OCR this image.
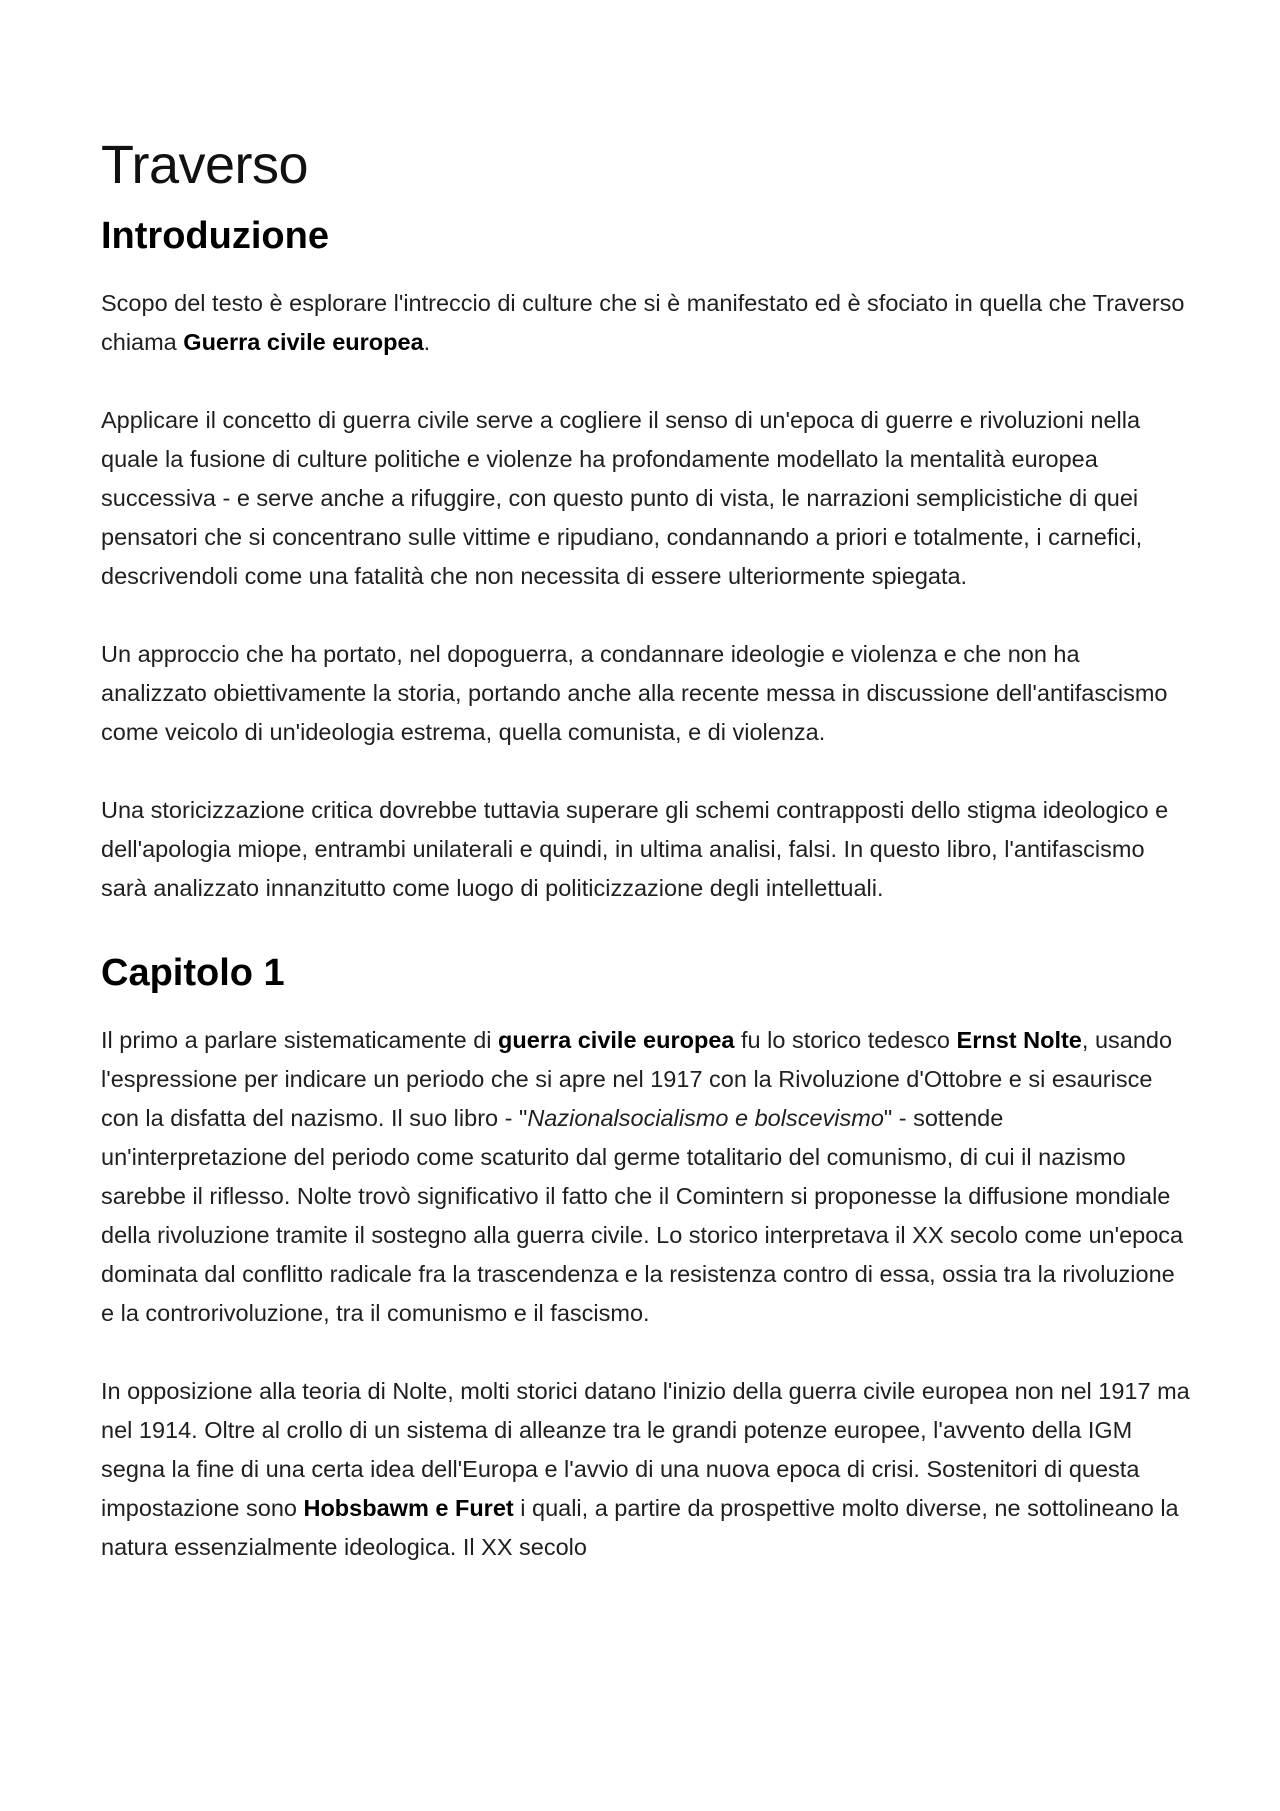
Traverso
Introduzione

Scopo del testo è esplorare l'intreccio di culture che si è manifestato ed è sfociato in quella che Traverso chiama Guerra civile europea.

Applicare il concetto di guerra civile serve a cogliere il senso di un'epoca di guerre e rivoluzioni nella quale la fusione di culture politiche e violenze ha profondamente modellato la mentalità europea successiva - e serve anche a rifuggire, con questo punto di vista, le narrazioni semplicistiche di quei pensatori che si concentrano sulle vittime e ripudiano, condannando a priori e totalmente, i carnefici, descrivendoli come una fatalità che non necessita di essere ulteriormente spiegata.

Un approccio che ha portato, nel dopoguerra, a condannare ideologie e violenza e che non ha analizzato obiettivamente la storia, portando anche alla recente messa in discussione dell'antifascismo come veicolo di un'ideologia estrema, quella comunista, e di violenza.

Una storicizzazione critica dovrebbe tuttavia superare gli schemi contrapposti dello stigma ideologico e dell'apologia miope, entrambi unilaterali e quindi, in ultima analisi, falsi. In questo libro, l'antifascismo sarà analizzato innanzitutto come luogo di politicizzazione degli intellettuali.

Capitolo 1

Il primo a parlare sistematicamente di guerra civile europea fu lo storico tedesco Ernst Nolte, usando l'espressione per indicare un periodo che si apre nel 1917 con la Rivoluzione d'Ottobre e si esaurisce con la disfatta del nazismo. Il suo libro - "Nazionalsocialismo e bolscevismo" - sottende un'interpretazione del periodo come scaturito dal germe totalitario del comunismo, di cui il nazismo sarebbe il riflesso. Nolte trovò significativo il fatto che il Comintern si proponesse la diffusione mondiale della rivoluzione tramite il sostegno alla guerra civile. Lo storico interpretava il XX secolo come un'epoca dominata dal conflitto radicale fra la trascendenza e la resistenza contro di essa, ossia tra la rivoluzione e la controrivoluzione, tra il comunismo e il fascismo.

In opposizione alla teoria di Nolte, molti storici datano l'inizio della guerra civile europea non nel 1917 ma nel 1914. Oltre al crollo di un sistema di alleanze tra le grandi potenze europee, l'avvento della IGM segna la fine di una certa idea dell'Europa e l'avvio di una nuova epoca di crisi. Sostenitori di questa impostazione sono Hobsbawm e Furet i quali, a partire da prospettive molto diverse, ne sottolineano la natura essenzialmente ideologica. Il XX secolo
